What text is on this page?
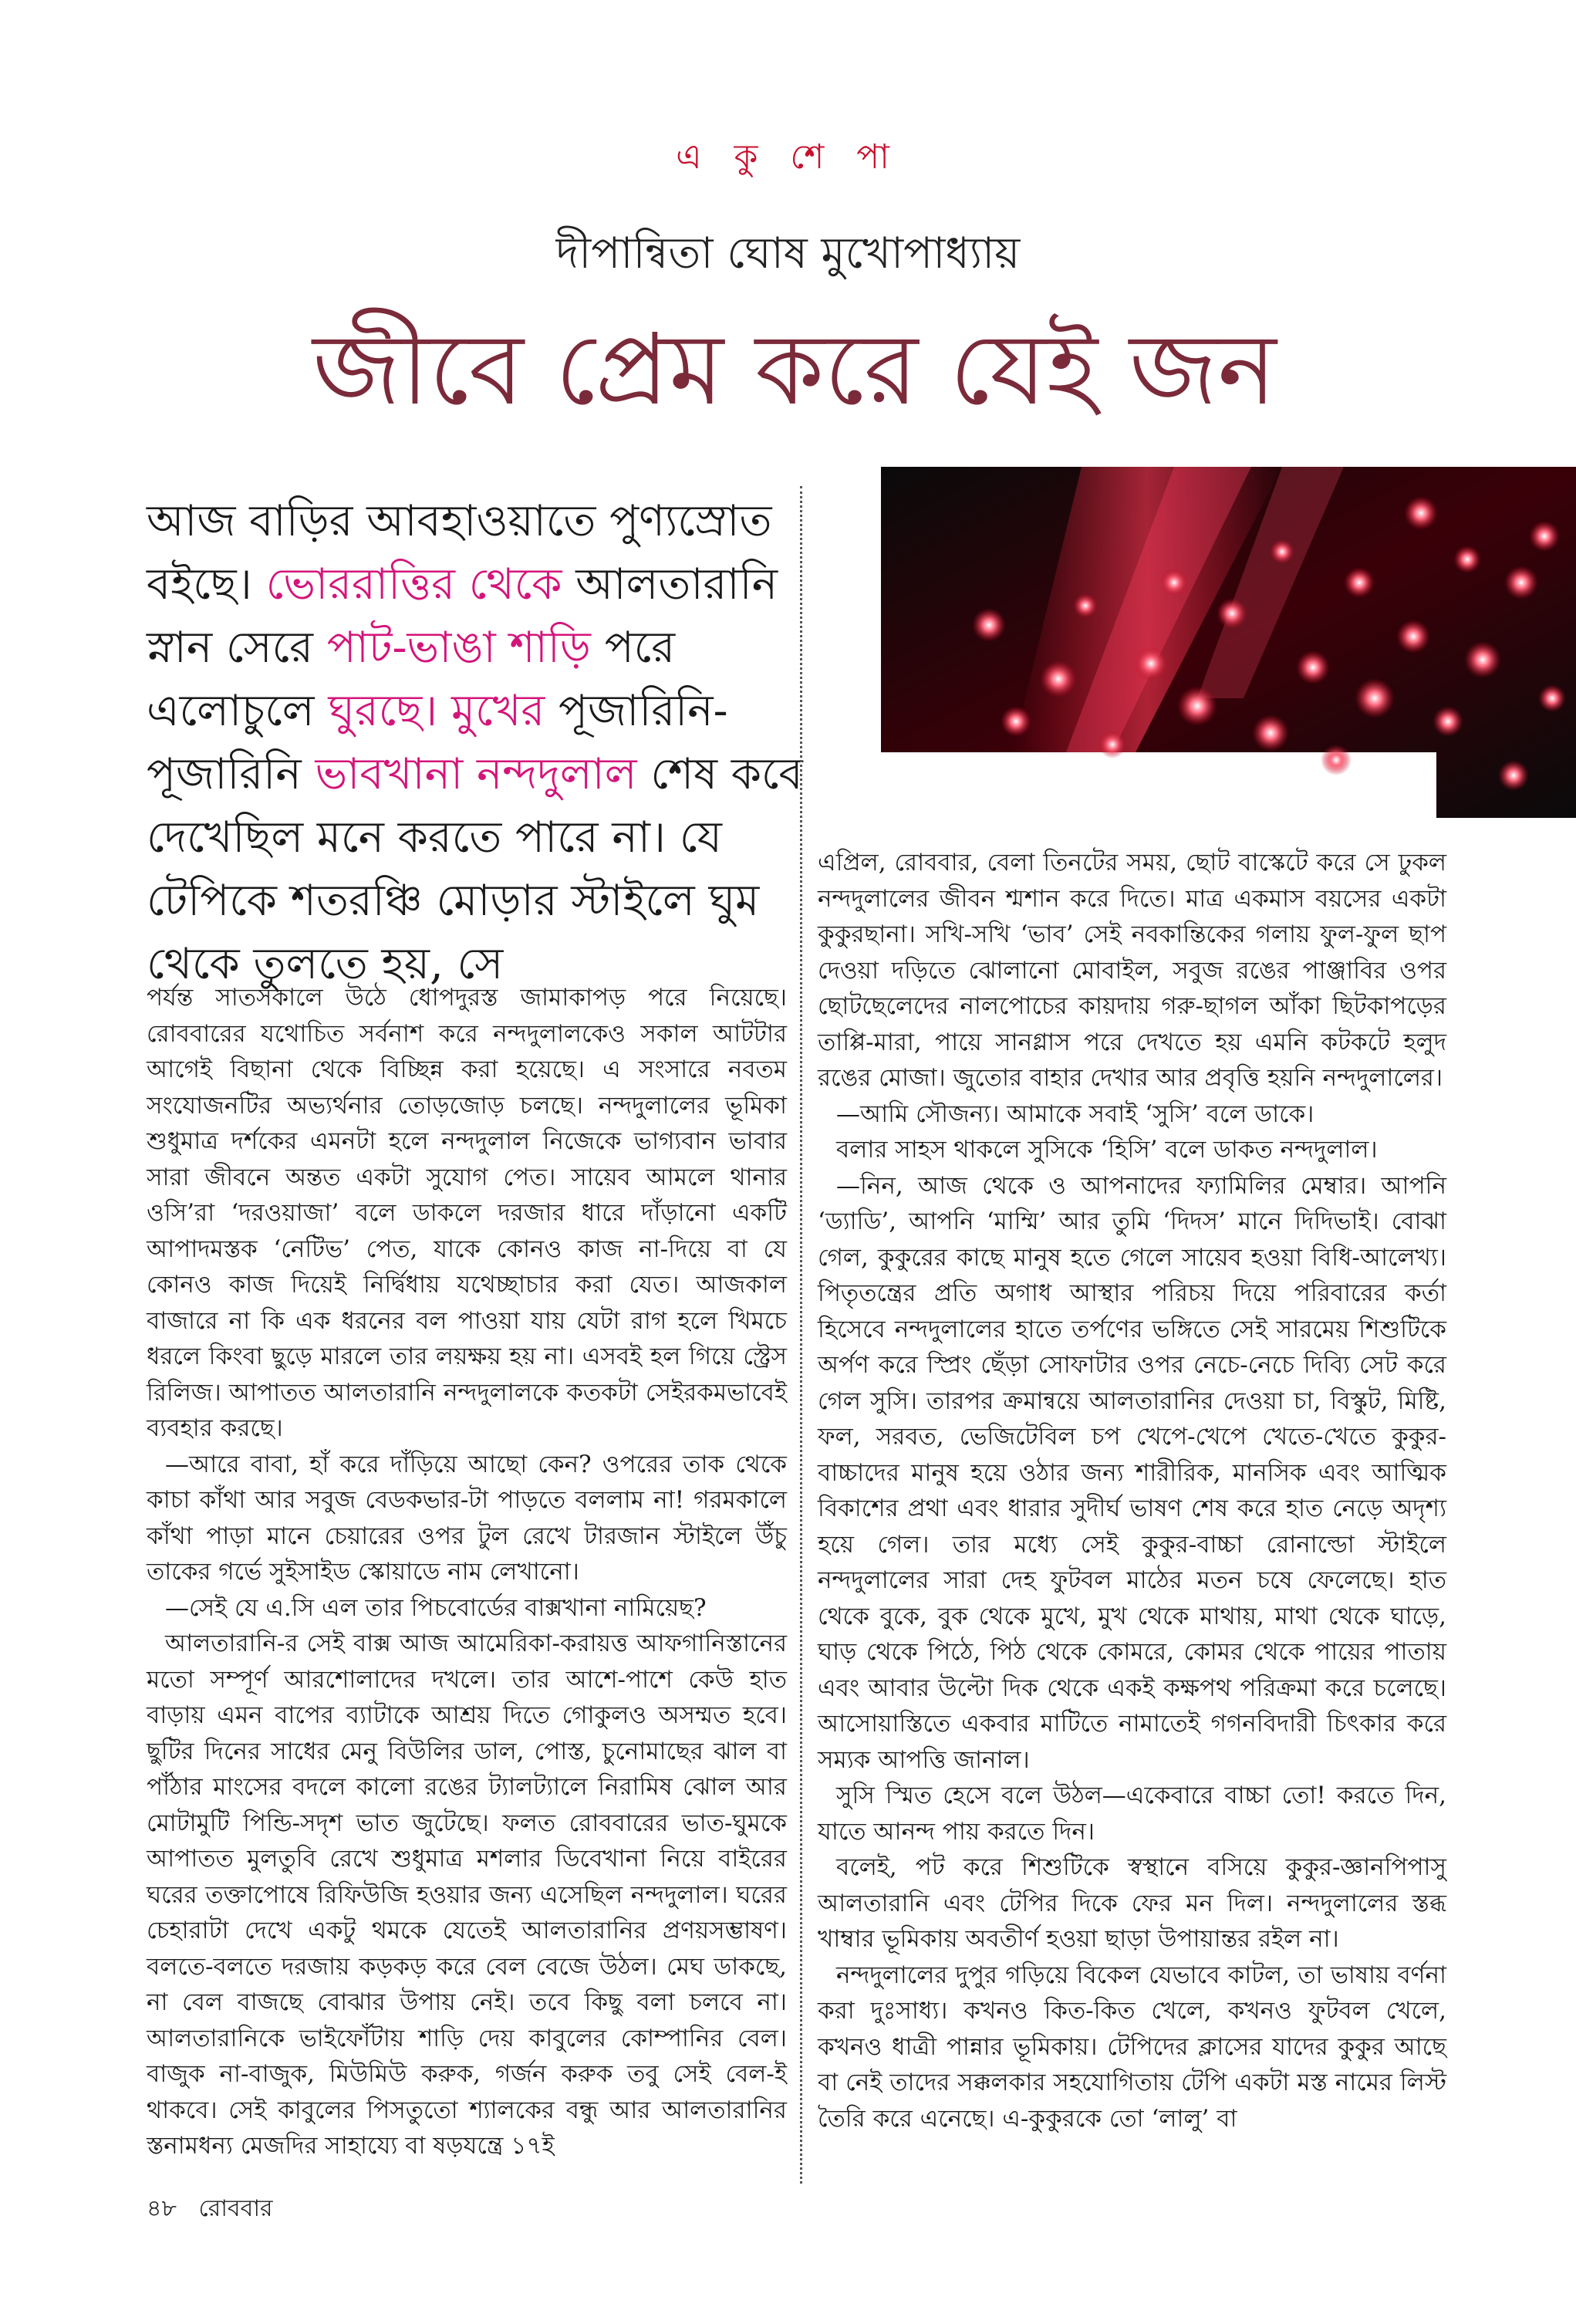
এ কু শে পা
দীপান্বিতা ঘোষ মুখোপাধ্যায়
জীবে প্রেম করে যেই জন
আজ বাড়ির আবহাওয়াতে পুণ্যস্রোত বইছে। ভোররাত্তির থেকে আলতারানি স্নান সেরে পাট-ভাঙা শাড়ি পরে এলোচুলে ঘুরছে। মুখের পূজারিনি-পূজারিনি ভাবখানা নন্দদুলাল শেষ কবে দেখেছিল মনে করতে পারে না। যে টেপিকে শতরঞ্চি মোড়ার স্টাইলে ঘুম থেকে তুলতে হয়, সে

পর্যন্ত সাতসকালে উঠে ধোপদুরস্ত জামাকাপড় পরে নিয়েছে। রোববারের যথোচিত সর্বনাশ করে নন্দদুলালকেও সকাল আটটার আগেই বিছানা থেকে বিচ্ছিন্ন করা হয়েছে। এ সংসারে নবতম সংযোজনটির অভ্যর্থনার তোড়জোড় চলছে। নন্দদুলালের ভূমিকা শুধুমাত্র দর্শকের এমনটা হলে নন্দদুলাল নিজেকে ভাগ্যবান ভাবার সারা জীবনে অন্তত একটা সুযোগ পেত। সায়েব আমলে থানার ওসি’রা ‘দরওয়াজা’ বলে ডাকলে দরজার ধারে দাঁড়ানো একটি আপাদমস্তক ‘নেটিভ’ পেত, যাকে কোনও কাজ না-দিয়ে বা যে কোনও কাজ দিয়েই নির্দ্বিধায় যথেচ্ছাচার করা যেত। আজকাল বাজারে না কি এক ধরনের বল পাওয়া যায় যেটা রাগ হলে খিমচে ধরলে কিংবা ছুড়ে মারলে তার লয়ক্ষয় হয় না। এসবই হল গিয়ে স্ট্রেস রিলিজ। আপাতত আলতারানি নন্দদুলালকে কতকটা সেইরকমভাবেই ব্যবহার করছে।

—আরে বাবা, হাঁ করে দাঁড়িয়ে আছো কেন? ওপরের তাক থেকে কাচা কাঁথা আর সবুজ বেডকভার-টা পাড়তে বললাম না! গরমকালে কাঁথা পাড়া মানে চেয়ারের ওপর টুল রেখে টারজান স্টাইলে উঁচু তাকের গর্ভে সুইসাইড স্কোয়াডে নাম লেখানো।

—সেই যে এ.সি এল তার পিচবোর্ডের বাক্সখানা নামিয়েছ?

আলতারানি-র সেই বাক্স আজ আমেরিকা-করায়ত্ত আফগানিস্তানের মতো সম্পূর্ণ আরশোলাদের দখলে। তার আশে-পাশে কেউ হাত বাড়ায় এমন বাপের ব্যাটাকে আশ্রয় দিতে গোকুলও অসম্মত হবে। ছুটির দিনের সাধের মেনু বিউলির ডাল, পোস্ত, চুনোমাছের ঝাল বা পাঁঠার মাংসের বদলে কালো রঙের ট্যালট্যালে নিরামিষ ঝোল আর মোটামুটি পিন্ডি-সদৃশ ভাত জুটেছে। ফলত রোববারের ভাত-ঘুমকে আপাতত মুলতুবি রেখে শুধুমাত্র মশলার ডিবেখানা নিয়ে বাইরের ঘরের তক্তাপোষে রিফিউজি হওয়ার জন্য এসেছিল নন্দদুলাল। ঘরের চেহারাটা দেখে একটু থমকে যেতেই আলতারানির প্রণয়সম্ভাষণ। বলতে-বলতে দরজায় কড়কড় করে বেল বেজে উঠল। মেঘ ডাকছে, না বেল বাজছে বোঝার উপায় নেই। তবে কিছু বলা চলবে না। আলতারানিকে ভাইফোঁটায় শাড়ি দেয় কাবুলের কোম্পানির বেল। বাজুক না-বাজুক, মিউমিউ করুক, গর্জন করুক তবু সেই বেল-ই থাকবে। সেই কাবুলের পিসতুতো শ্যালকের বন্ধু আর আলতারানির স্তনামধন্য মেজদির সাহায্যে বা ষড়যন্ত্রে ১৭ই

এপ্রিল, রোববার, বেলা তিনটের সময়, ছোট বাস্কেটে করে সে ঢুকল নন্দদুলালের জীবন শ্মশান করে দিতে। মাত্র একমাস বয়সের একটা কুকুরছানা। সখি-সখি ‘ভাব’ সেই নবকান্তিকের গলায় ফুল-ফুল ছাপ দেওয়া দড়িতে ঝোলানো মোবাইল, সবুজ রঙের পাঞ্জাবির ওপর ছোটছেলেদের নালপোচের কায়দায় গরু-ছাগল আঁকা ছিটকাপড়ের তাপ্পি-মারা, পায়ে সানগ্লাস পরে দেখতে হয় এমনি কটকটে হলুদ রঙের মোজা। জুতোর বাহার দেখার আর প্রবৃত্তি হয়নি নন্দদুলালের।

—আমি সৌজন্য। আমাকে সবাই ‘সুসি’ বলে ডাকে।

বলার সাহস থাকলে সুসিকে ‘হিসি’ বলে ডাকত নন্দদুলাল।

—নিন, আজ থেকে ও আপনাদের ফ্যামিলির মেম্বার। আপনি ‘ড্যাডি’, আপনি ‘মাম্মি’ আর তুমি ‘দিদস’ মানে দিদিভাই। বোঝা গেল, কুকুরের কাছে মানুষ হতে গেলে সায়েব হওয়া বিধি-আলেখ্য। পিতৃতন্ত্রের প্রতি অগাধ আস্থার পরিচয় দিয়ে পরিবারের কর্তা হিসেবে নন্দদুলালের হাতে তর্পণের ভঙ্গিতে সেই সারমেয় শিশুটিকে অর্পণ করে স্প্রিং ছেঁড়া সোফাটার ওপর নেচে-নেচে দিব্যি সেট করে গেল সুসি। তারপর ক্রমান্বয়ে আলতারানির দেওয়া চা, বিস্কুট, মিষ্টি, ফল, সরবত, ভেজিটেবিল চপ খেপে-খেপে খেতে-খেতে কুকুর-বাচ্চাদের মানুষ হয়ে ওঠার জন্য শারীরিক, মানসিক এবং আত্মিক বিকাশের প্রথা এবং ধারার সুদীর্ঘ ভাষণ শেষ করে হাত নেড়ে অদৃশ্য হয়ে গেল। তার মধ্যে সেই কুকুর-বাচ্চা রোনাল্ডো স্টাইলে নন্দদুলালের সারা দেহ ফুটবল মাঠের মতন চষে ফেলেছে। হাত থেকে বুকে, বুক থেকে মুখে, মুখ থেকে মাথায়, মাথা থেকে ঘাড়ে, ঘাড় থেকে পিঠে, পিঠ থেকে কোমরে, কোমর থেকে পায়ের পাতায় এবং আবার উল্টো দিক থেকে একই কক্ষপথ পরিক্রমা করে চলেছে। আসোয়াস্তিতে একবার মাটিতে নামাতেই গগনবিদারী চিৎকার করে সম্যক আপত্তি জানাল।

সুসি স্মিত হেসে বলে উঠল—একেবারে বাচ্চা তো! করতে দিন, যাতে আনন্দ পায় করতে দিন।

বলেই, পট করে শিশুটিকে স্বস্থানে বসিয়ে কুকুর-জ্ঞানপিপাসু আলতারানি এবং টেপির দিকে ফের মন দিল। নন্দদুলালের স্তব্ধ খাম্বার ভূমিকায় অবতীর্ণ হওয়া ছাড়া উপায়ান্তর রইল না।

নন্দদুলালের দুপুর গড়িয়ে বিকেল যেভাবে কাটল, তা ভাষায় বর্ণনা করা দুঃসাধ্য। কখনও কিত-কিত খেলে, কখনও ফুটবল খেলে, কখনও ধাত্রী পান্নার ভূমিকায়। টেপিদের ক্লাসের যাদের কুকুর আছে বা নেই তাদের সক্কলকার সহযোগিতায় টেপি একটা মস্ত নামের লিস্ট তৈরি করে এনেছে। এ-কুকুরকে তো ‘লালু’ বা

৪৮ রোববার
